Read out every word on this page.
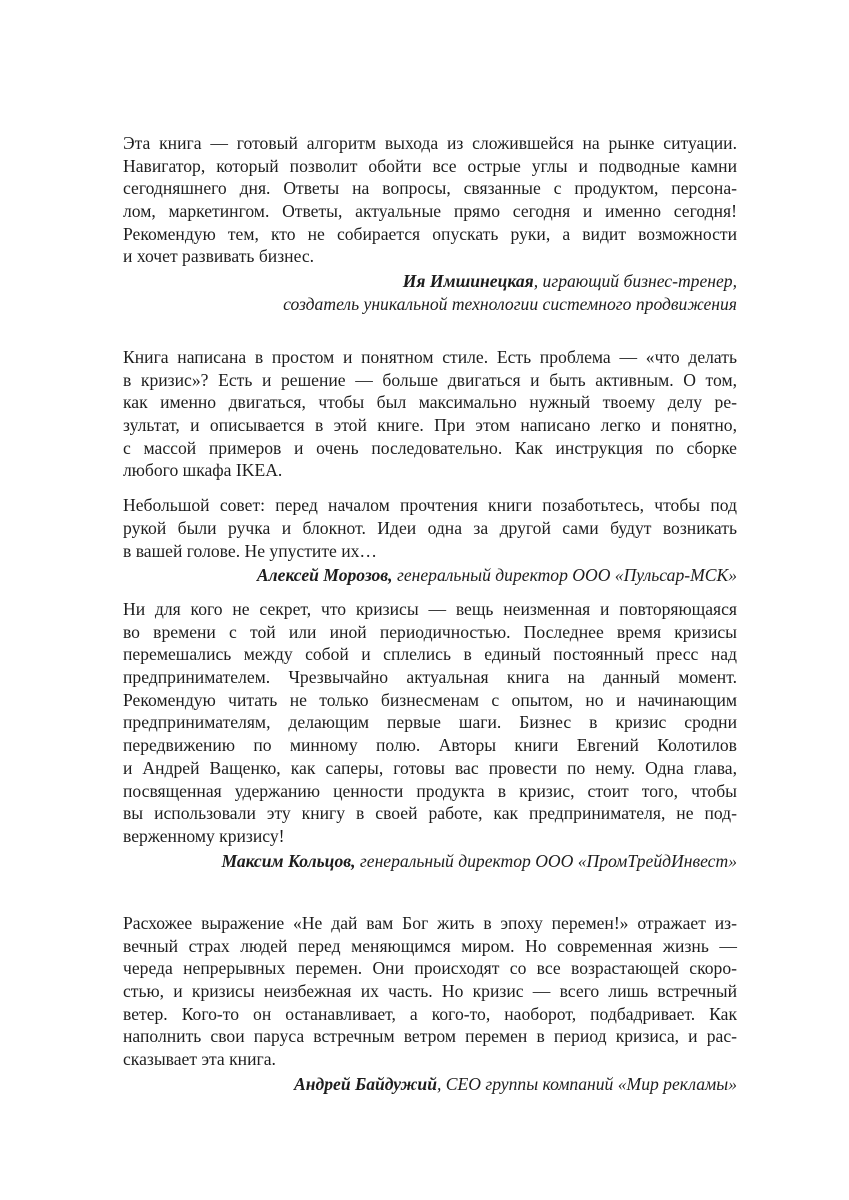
Эта книга — готовый алгоритм выхода из сложившейся на рынке ситуации.
Навигатор, который позволит обойти все острые углы и подводные камни
сегодняшнего дня. Ответы на вопросы, связанные с продуктом, персона-
лом, маркетингом. Ответы, актуальные прямо сегодня и именно сегодня!
Рекомендую тем, кто не собирается опускать руки, а видит возможности
и хочет развивать бизнес.
Ия Имшинецкая, играющий бизнес-тренер,
создатель уникальной технологии системного продвижения
Книга написана в простом и понятном стиле. Есть проблема — «что делать
в кризис»? Есть и решение — больше двигаться и быть активным. О том,
как именно двигаться, чтобы был максимально нужный твоему делу ре-
зультат, и описывается в этой книге. При этом написано легко и понятно,
с массой примеров и очень последовательно. Как инструкция по сборке
любого шкафа IKEA.
Небольшой совет: перед началом прочтения книги позаботьтесь, чтобы под
рукой были ручка и блокнот. Идеи одна за другой сами будут возникать
в вашей голове. Не упустите их…
Алексей Морозов, генеральный директор ООО «Пульсар-МСК»
Ни для кого не секрет, что кризисы — вещь неизменная и повторяющаяся
во времени с той или иной периодичностью. Последнее время кризисы
перемешались между собой и сплелись в единый постоянный пресс над
предпринимателем. Чрезвычайно актуальная книга на данный момент.
Рекомендую читать не только бизнесменам с опытом, но и начинающим
предпринимателям, делающим первые шаги. Бизнес в кризис сродни
передвижению по минному полю. Авторы книги Евгений Колотилов
и Андрей Ващенко, как саперы, готовы вас провести по нему. Одна глава,
посвященная удержанию ценности продукта в кризис, стоит того, чтобы
вы использовали эту книгу в своей работе, как предпринимателя, не под-
верженному кризису!
Максим Кольцов, генеральный директор ООО «ПромТрейдИнвест»
Расхожее выражение «Не дай вам Бог жить в эпоху перемен!» отражает из-
вечный страх людей перед меняющимся миром. Но современная жизнь —
череда непрерывных перемен. Они происходят со все возрастающей скоро-
стью, и кризисы неизбежная их часть. Но кризис — всего лишь встречный
ветер. Кого-то он останавливает, а кого-то, наоборот, подбадривает. Как
наполнить свои паруса встречным ветром перемен в период кризиса, и рас-
сказывает эта книга.
Андрей Байдужий, CEO группы компаний «Мир рекламы»
